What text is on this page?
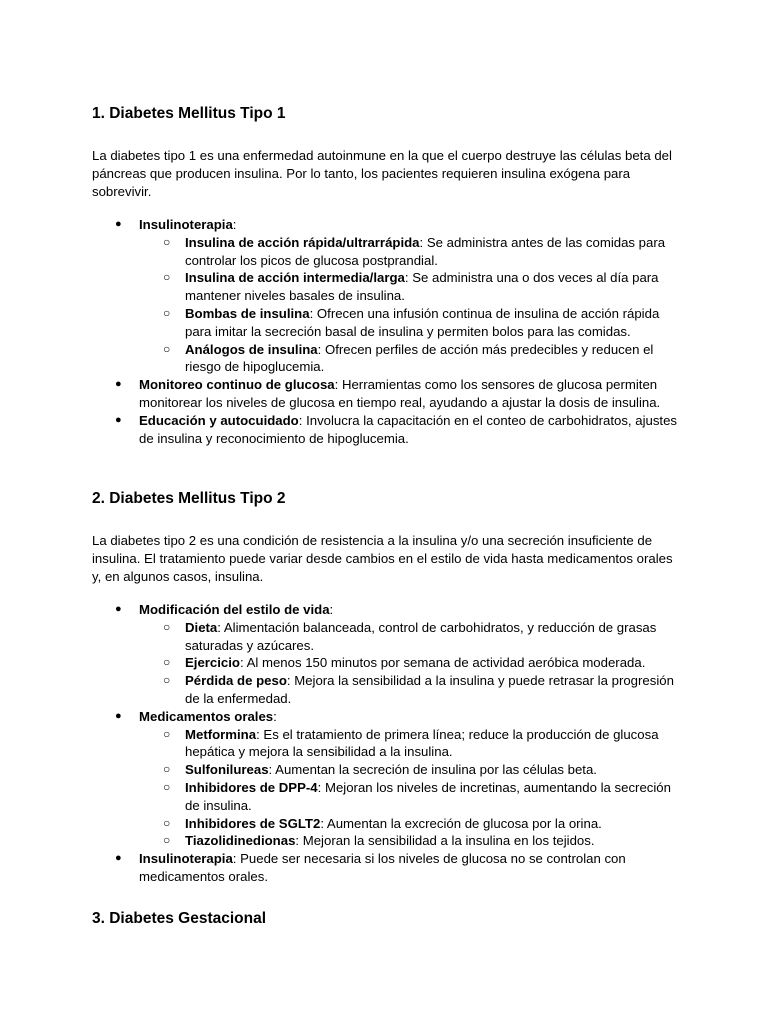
1. Diabetes Mellitus Tipo 1

La diabetes tipo 1 es una enfermedad autoinmune en la que el cuerpo destruye las células beta del páncreas que producen insulina. Por lo tanto, los pacientes requieren insulina exógena para sobrevivir.

● Insulinoterapia:
○ Insulina de acción rápida/ultrarrápida: Se administra antes de las comidas para controlar los picos de glucosa postprandial.
○ Insulina de acción intermedia/larga: Se administra una o dos veces al día para mantener niveles basales de insulina.
○ Bombas de insulina: Ofrecen una infusión continua de insulina de acción rápida para imitar la secreción basal de insulina y permiten bolos para las comidas.
○ Análogos de insulina: Ofrecen perfiles de acción más predecibles y reducen el riesgo de hipoglucemia.
● Monitoreo continuo de glucosa: Herramientas como los sensores de glucosa permiten monitorear los niveles de glucosa en tiempo real, ayudando a ajustar la dosis de insulina.
● Educación y autocuidado: Involucra la capacitación en el conteo de carbohidratos, ajustes de insulina y reconocimiento de hipoglucemia.
2. Diabetes Mellitus Tipo 2

La diabetes tipo 2 es una condición de resistencia a la insulina y/o una secreción insuficiente de insulina. El tratamiento puede variar desde cambios en el estilo de vida hasta medicamentos orales y, en algunos casos, insulina.

● Modificación del estilo de vida:
○ Dieta: Alimentación balanceada, control de carbohidratos, y reducción de grasas saturadas y azúcares.
○ Ejercicio: Al menos 150 minutos por semana de actividad aeróbica moderada.
○ Pérdida de peso: Mejora la sensibilidad a la insulina y puede retrasar la progresión de la enfermedad.
● Medicamentos orales:
○ Metformina: Es el tratamiento de primera línea; reduce la producción de glucosa hepática y mejora la sensibilidad a la insulina.
○ Sulfonilureas: Aumentan la secreción de insulina por las células beta.
○ Inhibidores de DPP-4: Mejoran los niveles de incretinas, aumentando la secreción de insulina.
○ Inhibidores de SGLT2: Aumentan la excreción de glucosa por la orina.
○ Tiazolidinedionas: Mejoran la sensibilidad a la insulina en los tejidos.
● Insulinoterapia: Puede ser necesaria si los niveles de glucosa no se controlan con medicamentos orales.
3. Diabetes Gestacional
